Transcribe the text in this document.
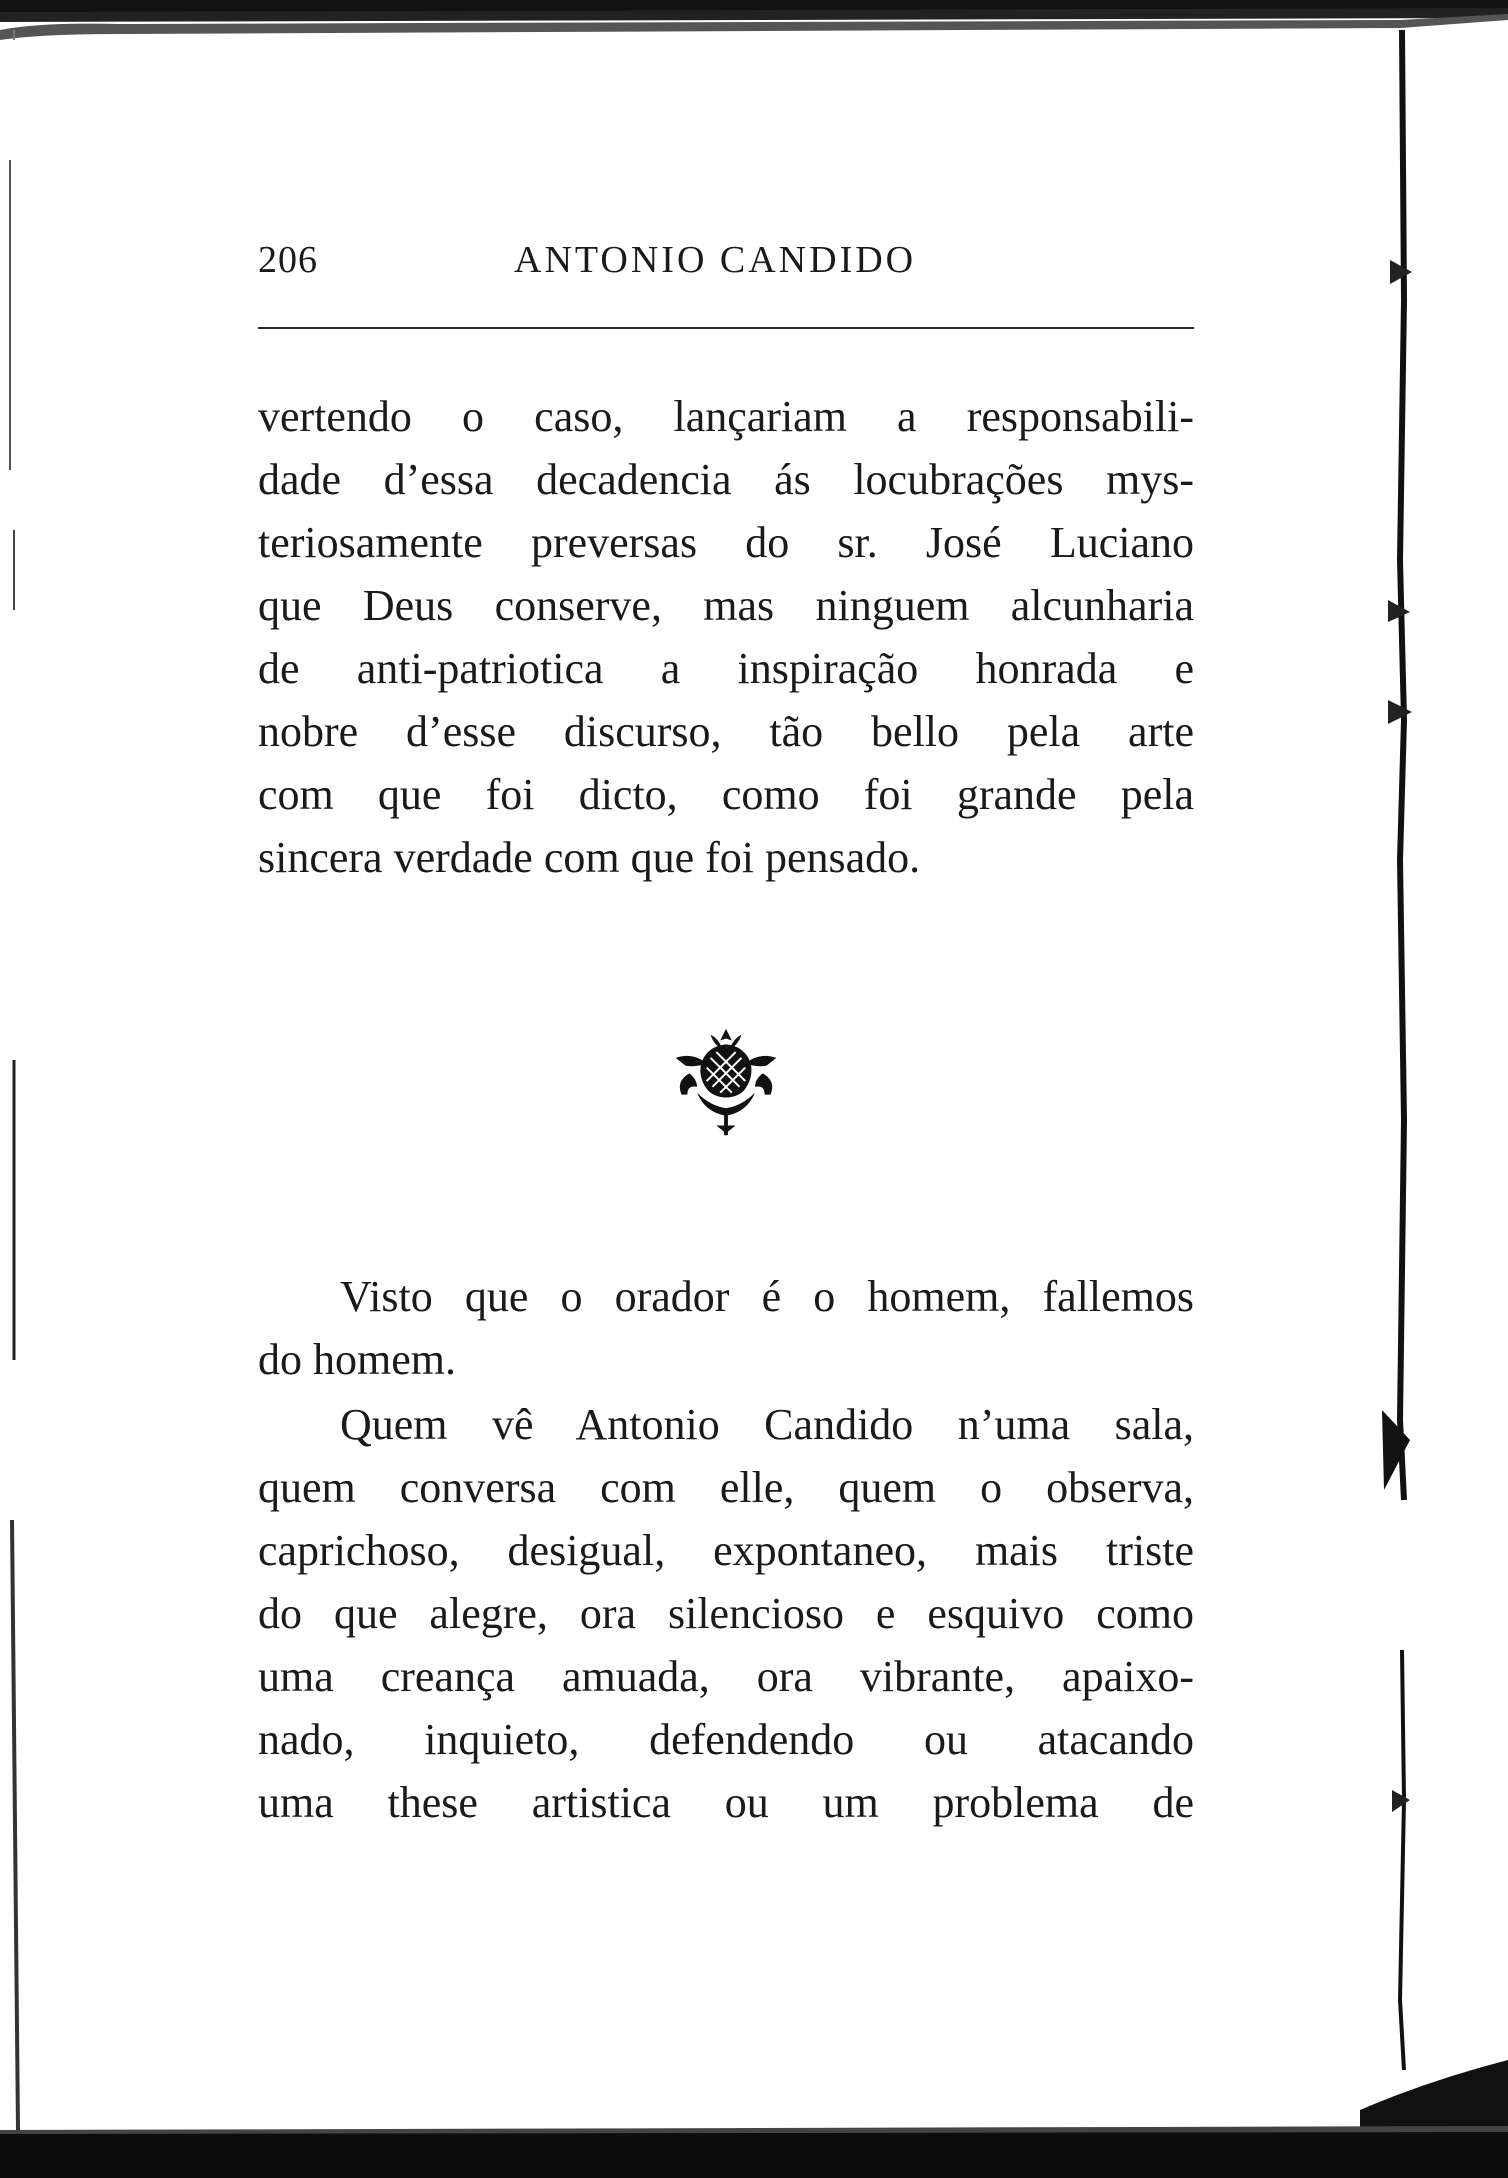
206	ANTONIO CANDIDO
vertendo o caso, lançariam a responsabili-
dade d’essa decadencia ás locubrações mys-
teriosamente preversas do sr. José Luciano
que Deus conserve, mas ninguem alcunharia
de anti-patriotica a inspiração honrada e
nobre d’esse discurso, tão bello pela arte
com que foi dicto, como foi grande pela
sincera verdade com que foi pensado.
Visto que o orador é o homem, fallemos
do homem.
Quem vê Antonio Candido n’uma sala,
quem conversa com elle, quem o observa,
caprichoso, desigual, expontaneo, mais triste
do que alegre, ora silencioso e esquivo como
uma creança amuada, ora vibrante, apaixo-
nado, inquieto, defendendo ou atacando
uma these artistica ou um problema de
